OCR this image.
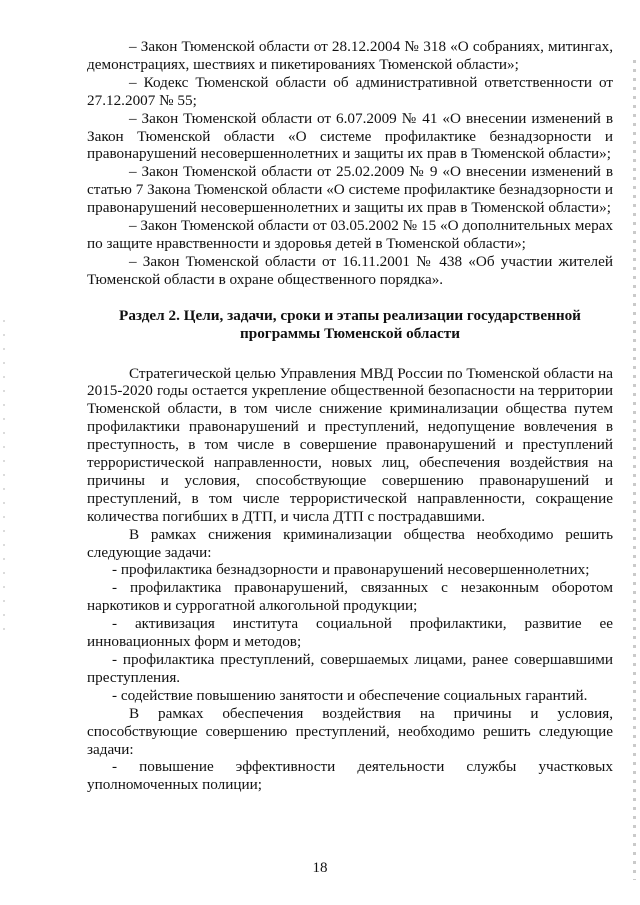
– Закон Тюменской области от 28.12.2004 № 318 «О собраниях, митингах, демонстрациях, шествиях и пикетированиях Тюменской области»;

– Кодекс Тюменской области об административной ответственности от 27.12.2007 № 55;

– Закон Тюменской области от 6.07.2009 № 41 «О внесении изменений в Закон Тюменской области «О системе профилактике безнадзорности и правонарушений несовершеннолетних и защиты их прав в Тюменской области»;

– Закон Тюменской области от 25.02.2009 № 9 «О внесении изменений в статью 7 Закона Тюменской области «О системе профилактике безнадзорности и правонарушений несовершеннолетних и защиты их прав в Тюменской области»;

– Закон Тюменской области от 03.05.2002 № 15 «О дополнительных мерах по защите нравственности и здоровья детей в Тюменской области»;

– Закон Тюменской области от 16.11.2001 № 438 «Об участии жителей Тюменской области в охране общественного порядка».

Раздел 2. Цели, задачи, сроки и этапы реализации государственной программы Тюменской области

Стратегической целью Управления МВД России по Тюменской области на 2015-2020 годы остается укрепление общественной безопасности на территории Тюменской области, в том числе снижение криминализации общества путем профилактики правонарушений и преступлений, недопущение вовлечения в преступность, в том числе в совершение правонарушений и преступлений террористической направленности, новых лиц, обеспечения воздействия на причины и условия, способствующие совершению правонарушений и преступлений, в том числе террористической направленности, сокращение количества погибших в ДТП, и числа ДТП с пострадавшими.

В рамках снижения криминализации общества необходимо решить следующие задачи:

- профилактика безнадзорности и правонарушений несовершеннолетних;

- профилактика правонарушений, связанных с незаконным оборотом наркотиков и суррогатной алкогольной продукции;

- активизация института социальной профилактики, развитие ее инновационных форм и методов;

- профилактика преступлений, совершаемых лицами, ранее совершавшими преступления.

- содействие повышению занятости и обеспечение социальных гарантий.

В рамках обеспечения воздействия на причины и условия, способствующие совершению преступлений, необходимо решить следующие задачи:

- повышение эффективности деятельности службы участковых уполномоченных полиции;

18
